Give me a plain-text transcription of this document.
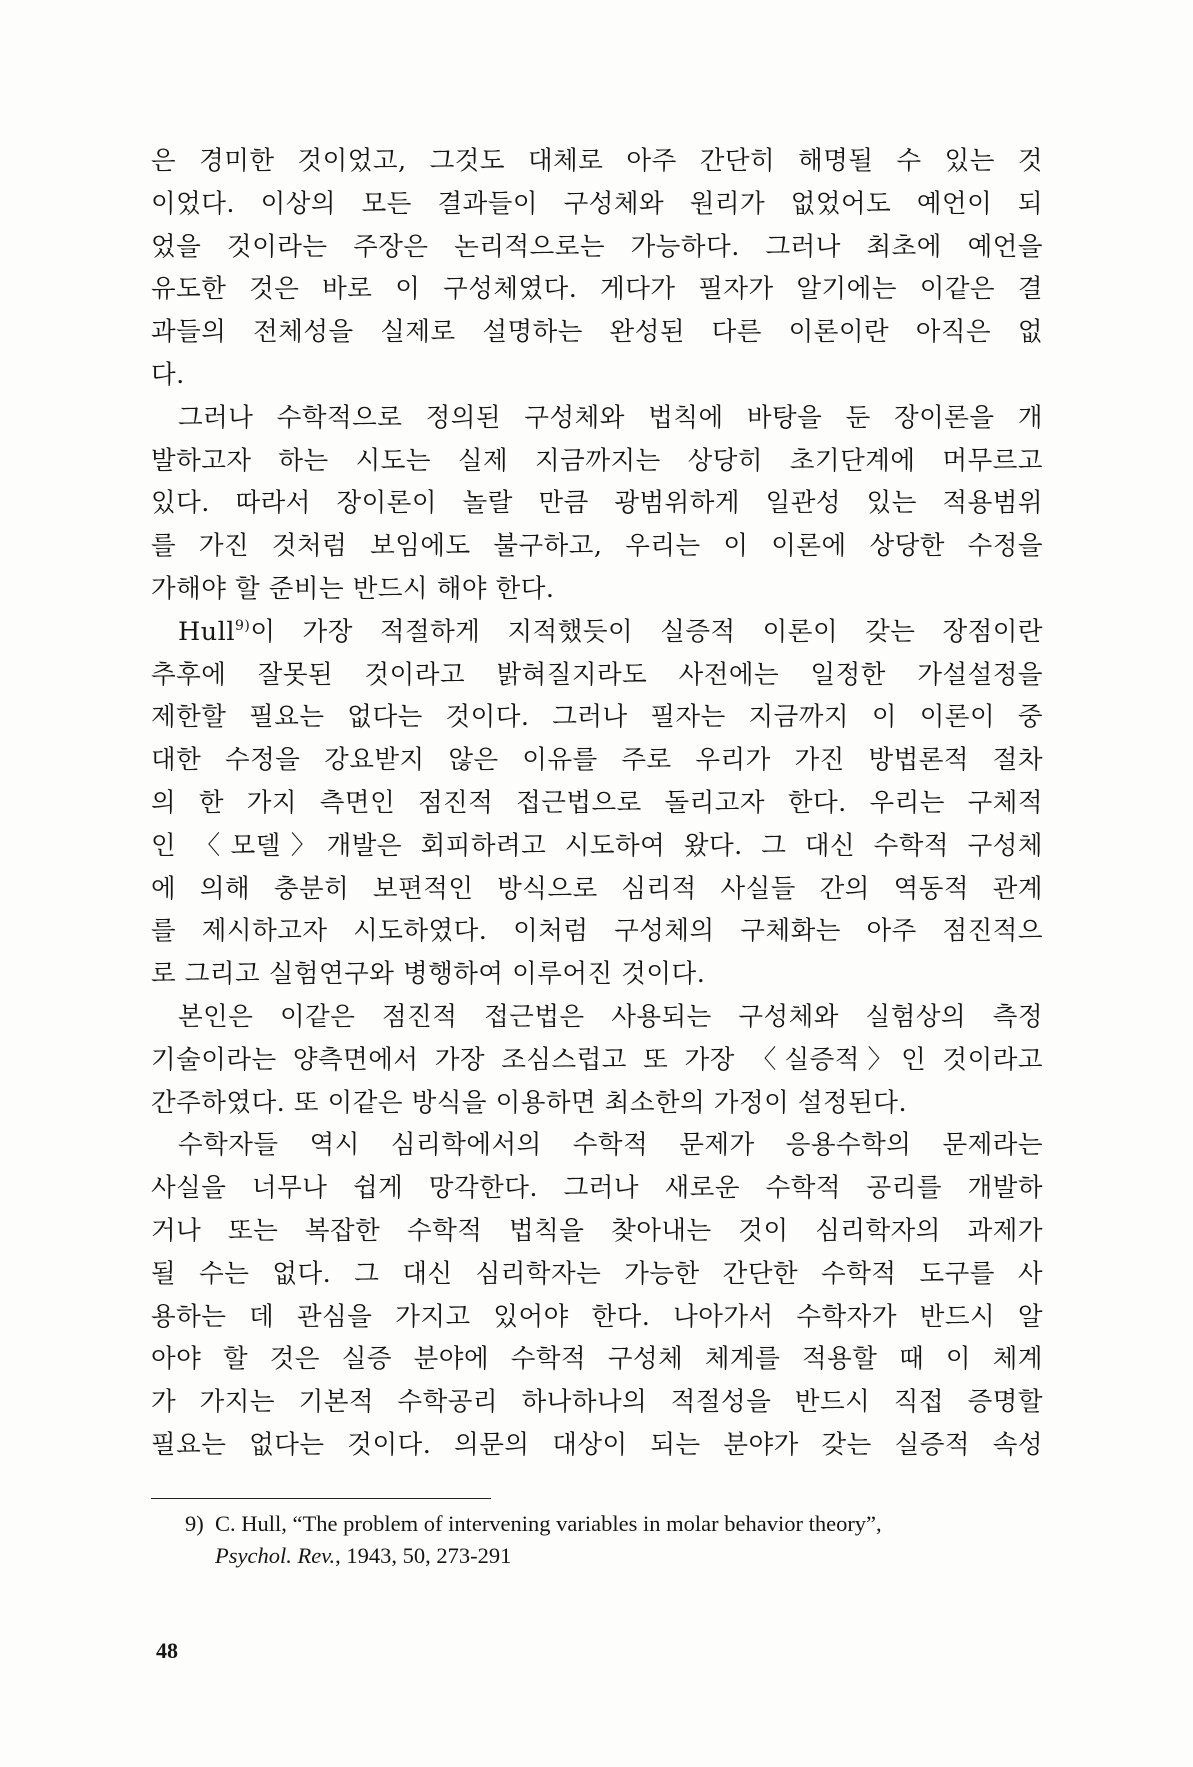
은 경미한 것이었고, 그것도 대체로 아주 간단히 해명될 수 있는 것
이었다. 이상의 모든 결과들이 구성체와 원리가 없었어도 예언이 되
었을 것이라는 주장은 논리적으로는 가능하다. 그러나 최초에 예언을
유도한 것은 바로 이 구성체였다. 게다가 필자가 알기에는 이같은 결
과들의 전체성을 실제로 설명하는 완성된 다른 이론이란 아직은 없
다.
그러나 수학적으로 정의된 구성체와 법칙에 바탕을 둔 장이론을 개
발하고자 하는 시도는 실제 지금까지는 상당히 초기단계에 머무르고
있다. 따라서 장이론이 놀랄 만큼 광범위하게 일관성 있는 적용범위
를 가진 것처럼 보임에도 불구하고, 우리는 이 이론에 상당한 수정을
가해야 할 준비는 반드시 해야 한다.
Hull$^{9)}$이 가장 적절하게 지적했듯이 실증적 이론이 갖는 장점이란
추후에 잘못된 것이라고 밝혀질지라도 사전에는 일정한 가설설정을
제한할 필요는 없다는 것이다. 그러나 필자는 지금까지 이 이론이 중
대한 수정을 강요받지 않은 이유를 주로 우리가 가진 방법론적 절차
의 한 가지 측면인 점진적 접근법으로 돌리고자 한다. 우리는 구체적
인 〈모델〉개발은 회피하려고 시도하여 왔다. 그 대신 수학적 구성체
에 의해 충분히 보편적인 방식으로 심리적 사실들 간의 역동적 관계
를 제시하고자 시도하였다. 이처럼 구성체의 구체화는 아주 점진적으
로 그리고 실험연구와 병행하여 이루어진 것이다.
본인은 이같은 점진적 접근법은 사용되는 구성체와 실험상의 측정
기술이라는 양측면에서 가장 조심스럽고 또 가장 〈실증적〉인 것이라고
간주하였다. 또 이같은 방식을 이용하면 최소한의 가정이 설정된다.
수학자들 역시 심리학에서의 수학적 문제가 응용수학의 문제라는
사실을 너무나 쉽게 망각한다. 그러나 새로운 수학적 공리를 개발하
거나 또는 복잡한 수학적 법칙을 찾아내는 것이 심리학자의 과제가
될 수는 없다. 그 대신 심리학자는 가능한 간단한 수학적 도구를 사
용하는 데 관심을 가지고 있어야 한다. 나아가서 수학자가 반드시 알
아야 할 것은 실증 분야에 수학적 구성체 체계를 적용할 때 이 체계
가 가지는 기본적 수학공리 하나하나의 적절성을 반드시 직접 증명할
필요는 없다는 것이다. 의문의 대상이 되는 분야가 갖는 실증적 속성
9) C. Hull, “The problem of intervening variables in molar behavior theory”,
Psychol. Rev., 1943, 50, 273-291
48
